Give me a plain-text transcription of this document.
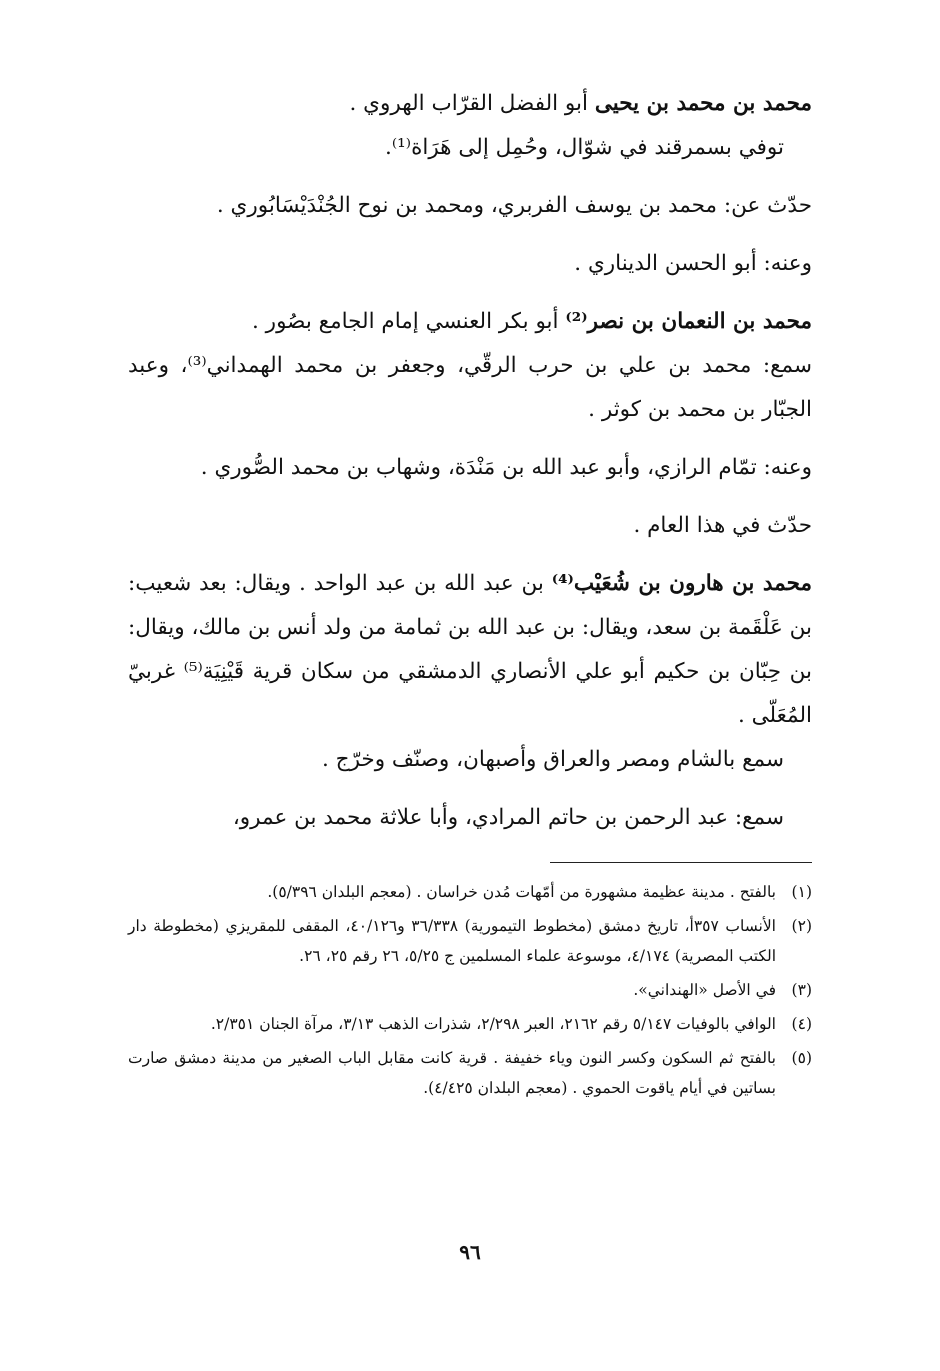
محمد بن محمد بن يحيى أبو الفضل القرّاب الهروي .

توفي بسمرقند في شوّال، وحُمِل إلى هَرَاة⁽¹⁾.

حدّث عن: محمد بن يوسف الفربري، ومحمد بن نوح الجُنْدَيْسَابُوري .

وعنه: أبو الحسن الديناري .

محمد بن النعمان بن نصر⁽²⁾ أبو بكر العنسي إمام الجامع بصُور .

سمع: محمد بن علي بن حرب الرقّي، وجعفر بن محمد الهمداني⁽³⁾، وعبد الجبّار بن محمد بن كوثر .

وعنه: تمّام الرازي، وأبو عبد الله بن مَنْدَة، وشهاب بن محمد الصُّوري .

حدّث في هذا العام .

محمد بن هارون بن شُعَيْب⁽⁴⁾ بن عبد الله بن عبد الواحد . ويقال: بعد شعيب: بن عَلْقَمة بن سعد، ويقال: بن عبد الله بن ثمامة من ولد أنس بن مالك، ويقال: بن حِبّان بن حكيم أبو علي الأنصاري الدمشقي من سكان قرية قَيْنِيَة⁽⁵⁾ غربيّ المُعَلّى .

سمع بالشام ومصر والعراق وأصبهان، وصنّف وخرّج .

سمع: عبد الرحمن بن حاتم المرادي، وأبا علاثة محمد بن عمرو،

(١)
بالفتح . مدينة عظيمة مشهورة من أمّهات مُدن خراسان . (معجم البلدان ٥/٣٩٦).
(٢)
الأنساب ٣٥٧أ، تاريخ دمشق (مخطوط التيمورية) ٣٦/٣٣٨ و٤٠/١٢٦، المقفى للمقريزي (مخطوطة دار الكتب المصرية) ٤/١٧٤، موسوعة علماء المسلمين ج ٥/٢٥، ٢٦ رقم ٢٥، ٢٦.
(٣)
في الأصل «الهنداني».
(٤)
الوافي بالوفيات ٥/١٤٧ رقم ٢١٦٢، العبر ٢/٢٩٨، شذرات الذهب ٣/١٣، مرآة الجنان ٢/٣٥١.
(٥)
بالفتح ثم السكون وكسر النون وياء خفيفة . قرية كانت مقابل الباب الصغير من مدينة دمشق صارت بساتين في أيام ياقوت الحموي . (معجم البلدان ٤/٤٢٥).
٩٦
